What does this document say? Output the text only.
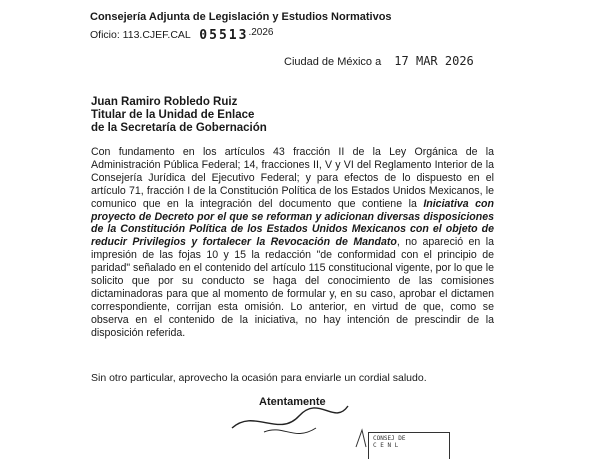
Consejería Adjunta de Legislación y Estudios Normativos
Oficio: 113.CJEF.CAL 05513.2026
Ciudad de México a 17 MAR 2026
Juan Ramiro Robledo Ruiz
Titular de la Unidad de Enlace
de la Secretaría de Gobernación
Con fundamento en los artículos 43 fracción II de la Ley Orgánica de la Administración Pública Federal; 14, fracciones II, V y VI del Reglamento Interior de la Consejería Jurídica del Ejecutivo Federal; y para efectos de lo dispuesto en el artículo 71, fracción I de la Constitución Política de los Estados Unidos Mexicanos, le comunico que en la integración del documento que contiene la Iniciativa con proyecto de Decreto por el que se reforman y adicionan diversas disposiciones de la Constitución Política de los Estados Unidos Mexicanos con el objeto de reducir Privilegios y fortalecer la Revocación de Mandato, no apareció en la impresión de las fojas 10 y 15 la redacción "de conformidad con el principio de paridad" señalado en el contenido del artículo 115 constitucional vigente, por lo que le solicito que por su conducto se haga del conocimiento de las comisiones dictaminadoras para que al momento de formular y, en su caso, aprobar el dictamen correspondiente, corrijan esta omisión. Lo anterior, en virtud de que, como se observa en el contenido de la iniciativa, no hay intención de prescindir de la disposición referida.
Sin otro particular, aprovecho la ocasión para enviarle un cordial saludo.
Atentamente
CONSEJ DE
C E N L
